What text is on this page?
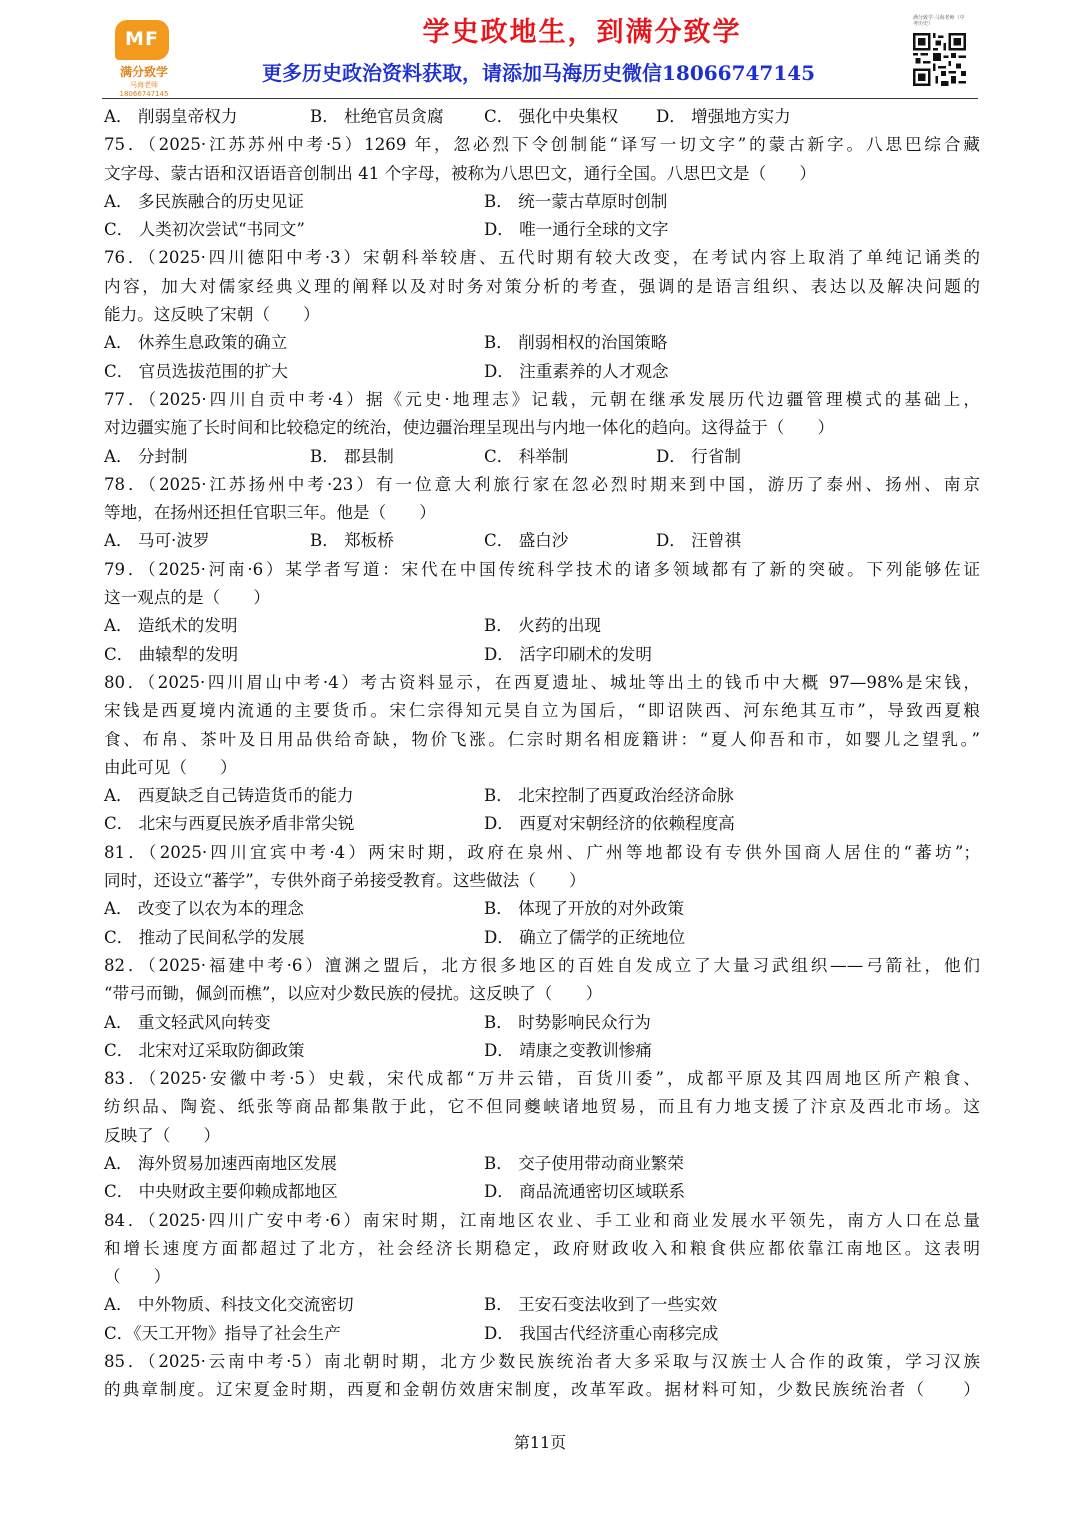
MF
满分致学
马海老师 18066747145
学史政地生，到满分致学
更多历史政治资料获取，请添加马海历史微信18066747145
满分致学·马海老师（中考历史）
A． 削弱皇帝权力	B． 杜绝官员贪腐 C． 强化中央集权 D． 增强地方实力
75．（2025·江苏苏州中考·5）1269 年，忽必烈下令创制能“译写一切文字”的蒙古新字。八思巴综合藏
文字母、蒙古语和汉语语音创制出 41 个字母，被称为八思巴文，通行全国。八思巴文是（　　）
A． 多民族融合的历史见证	B． 统一蒙古草原时创制
C． 人类初次尝试“书同文”	D． 唯一通行全球的文字
76．（2025·四川德阳中考·3）宋朝科举较唐、五代时期有较大改变，在考试内容上取消了单纯记诵类的
内容，加大对儒家经典义理的阐释以及对时务对策分析的考查，强调的是语言组织、表达以及解决问题的
能力。这反映了宋朝（　　）
A． 休养生息政策的确立	B． 削弱相权的治国策略
C． 官员选拔范围的扩大	D． 注重素养的人才观念
77．（2025·四川自贡中考·4）据《元史·地理志》记载，元朝在继承发展历代边疆管理模式的基础上，
对边疆实施了长时间和比较稳定的统治，使边疆治理呈现出与内地一体化的趋向。这得益于（　　）
A． 分封制	B． 郡县制	C． 科举制	D． 行省制
78．（2025·江苏扬州中考·23）有一位意大利旅行家在忽必烈时期来到中国，游历了泰州、扬州、南京
等地，在扬州还担任官职三年。他是（　　）
A． 马可·波罗	B． 郑板桥	C． 盛白沙	D． 汪曾祺
79．（2025·河南·6）某学者写道：宋代在中国传统科学技术的诸多领域都有了新的突破。下列能够佐证
这一观点的是（　　）
A． 造纸术的发明	B． 火药的出现
C． 曲辕犁的发明	D． 活字印刷术的发明
80．（2025·四川眉山中考·4）考古资料显示，在西夏遗址、城址等出土的钱币中大概 97—98%是宋钱，
宋钱是西夏境内流通的主要货币。宋仁宗得知元昊自立为国后，“即诏陕西、河东绝其互市”，导致西夏粮
食、布帛、茶叶及日用品供给奇缺，物价飞涨。仁宗时期名相庞籍讲：“夏人仰吾和市，如婴儿之望乳。”
由此可见（　　）
A． 西夏缺乏自己铸造货币的能力	B． 北宋控制了西夏政治经济命脉
C． 北宋与西夏民族矛盾非常尖锐	D． 西夏对宋朝经济的依赖程度高
81．（2025·四川宜宾中考·4）两宋时期，政府在泉州、广州等地都设有专供外国商人居住的“蕃坊”；
同时，还设立“蕃学”，专供外商子弟接受教育。这些做法（　　）
A． 改变了以农为本的理念	B． 体现了开放的对外政策
C． 推动了民间私学的发展	D． 确立了儒学的正统地位
82．（2025·福建中考·6）澶渊之盟后，北方很多地区的百姓自发成立了大量习武组织——弓箭社，他们
“带弓而锄，佩剑而樵”，以应对少数民族的侵扰。这反映了（　　）
A． 重文轻武风向转变	B． 时势影响民众行为
C． 北宋对辽采取防御政策	D． 靖康之变教训惨痛
83．（2025·安徽中考·5）史载，宋代成都“万井云错，百货川委”，成都平原及其四周地区所产粮食、
纺织品、陶瓷、纸张等商品都集散于此，它不但同夔峡诸地贸易，而且有力地支援了汴京及西北市场。这
反映了（　　）
A． 海外贸易加速西南地区发展	B． 交子使用带动商业繁荣
C． 中央财政主要仰赖成都地区	D． 商品流通密切区域联系
84．（2025·四川广安中考·6）南宋时期，江南地区农业、手工业和商业发展水平领先，南方人口在总量
和增长速度方面都超过了北方，社会经济长期稳定，政府财政收入和粮食供应都依靠江南地区。这表明
（　　）
A． 中外物质、科技文化交流密切	B． 王安石变法收到了一些实效
C．《天工开物》指导了社会生产	D． 我国古代经济重心南移完成
85．（2025·云南中考·5）南北朝时期，北方少数民族统治者大多采取与汉族士人合作的政策，学习汉族
的典章制度。辽宋夏金时期，西夏和金朝仿效唐宋制度，改革军政。据材料可知，少数民族统治者（　　）
第11页
